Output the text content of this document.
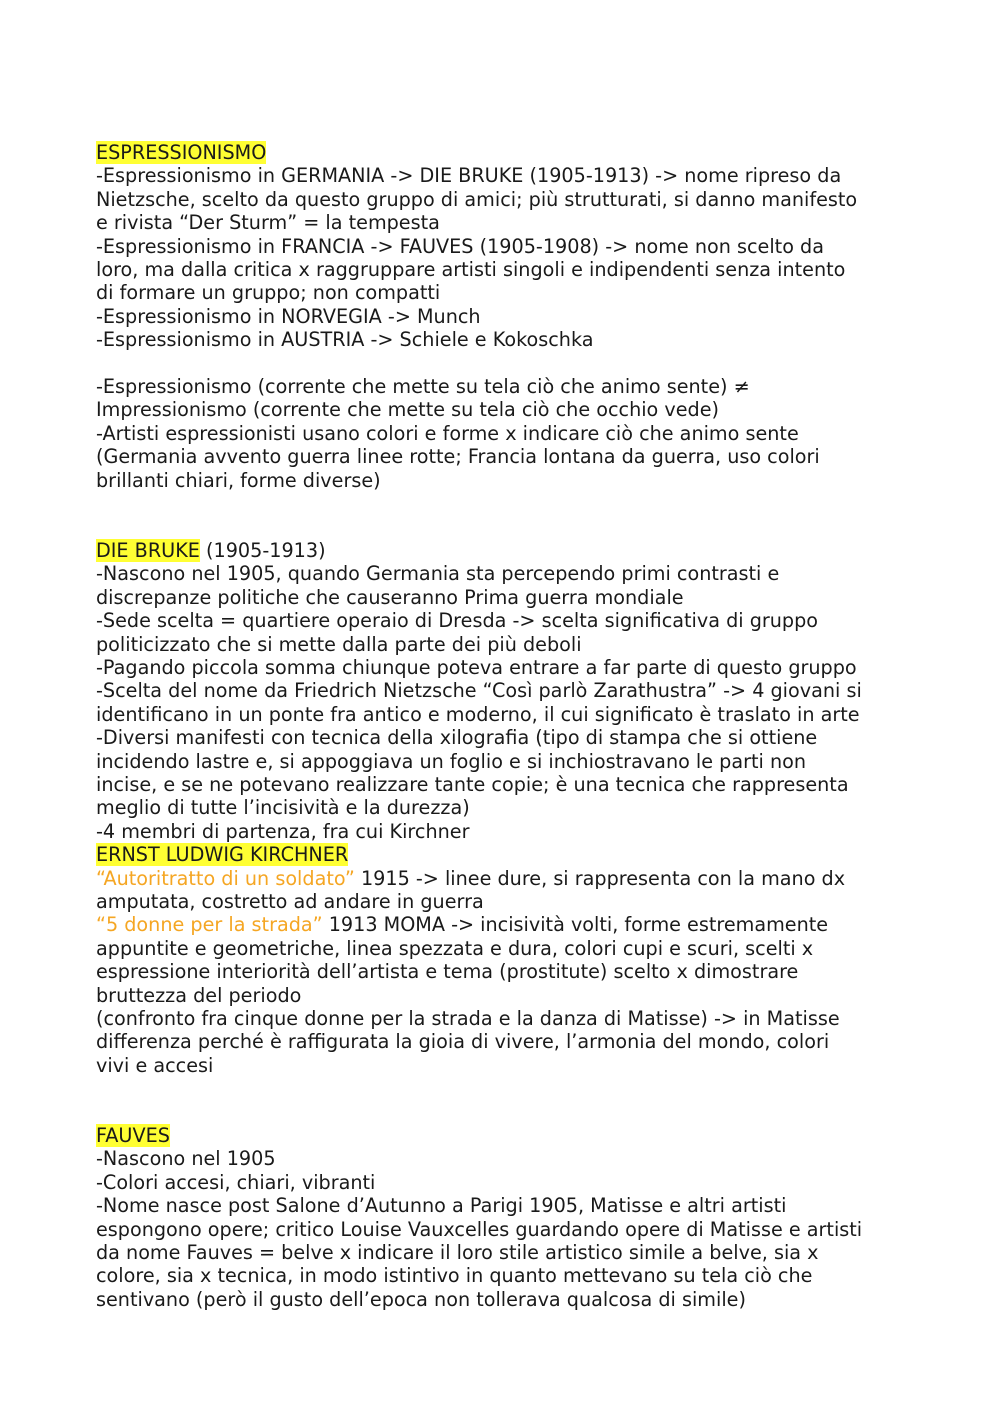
ESPRESSIONISMO
-Espressionismo in GERMANIA -> DIE BRUKE (1905-1913) -> nome ripreso da
Nietzsche, scelto da questo gruppo di amici; più strutturati, si danno manifesto
e rivista “Der Sturm” = la tempesta
-Espressionismo in FRANCIA -> FAUVES (1905-1908) -> nome non scelto da
loro, ma dalla critica x raggruppare artisti singoli e indipendenti senza intento
di formare un gruppo; non compatti
-Espressionismo in NORVEGIA -> Munch
-Espressionismo in AUSTRIA -> Schiele e Kokoschka
-Espressionismo (corrente che mette su tela ciò che animo sente) ≠
Impressionismo (corrente che mette su tela ciò che occhio vede)
-Artisti espressionisti usano colori e forme x indicare ciò che animo sente
(Germania avvento guerra linee rotte; Francia lontana da guerra, uso colori
brillanti chiari, forme diverse)
DIE BRUKE (1905-1913)
-Nascono nel 1905, quando Germania sta percependo primi contrasti e
discrepanze politiche che causeranno Prima guerra mondiale
-Sede scelta = quartiere operaio di Dresda -> scelta significativa di gruppo
politicizzato che si mette dalla parte dei più deboli
-Pagando piccola somma chiunque poteva entrare a far parte di questo gruppo
-Scelta del nome da Friedrich Nietzsche “Così parlò Zarathustra” -> 4 giovani si
identificano in un ponte fra antico e moderno, il cui significato è traslato in arte
-Diversi manifesti con tecnica della xilografia (tipo di stampa che si ottiene
incidendo lastre e, si appoggiava un foglio e si inchiostravano le parti non
incise, e se ne potevano realizzare tante copie; è una tecnica che rappresenta
meglio di tutte l’incisività e la durezza)
-4 membri di partenza, fra cui Kirchner
ERNST LUDWIG KIRCHNER
“Autoritratto di un soldato” 1915 -> linee dure, si rappresenta con la mano dx
amputata, costretto ad andare in guerra
“5 donne per la strada” 1913 MOMA -> incisività volti, forme estremamente
appuntite e geometriche, linea spezzata e dura, colori cupi e scuri, scelti x
espressione interiorità dell’artista e tema (prostitute) scelto x dimostrare
bruttezza del periodo
(confronto fra cinque donne per la strada e la danza di Matisse) -> in Matisse
differenza perché è raffigurata la gioia di vivere, l’armonia del mondo, colori
vivi e accesi
FAUVES
-Nascono nel 1905
-Colori accesi, chiari, vibranti
-Nome nasce post Salone d’Autunno a Parigi 1905, Matisse e altri artisti
espongono opere; critico Louise Vauxcelles guardando opere di Matisse e artisti
da nome Fauves = belve x indicare il loro stile artistico simile a belve, sia x
colore, sia x tecnica, in modo istintivo in quanto mettevano su tela ciò che
sentivano (però il gusto dell’epoca non tollerava qualcosa di simile)
